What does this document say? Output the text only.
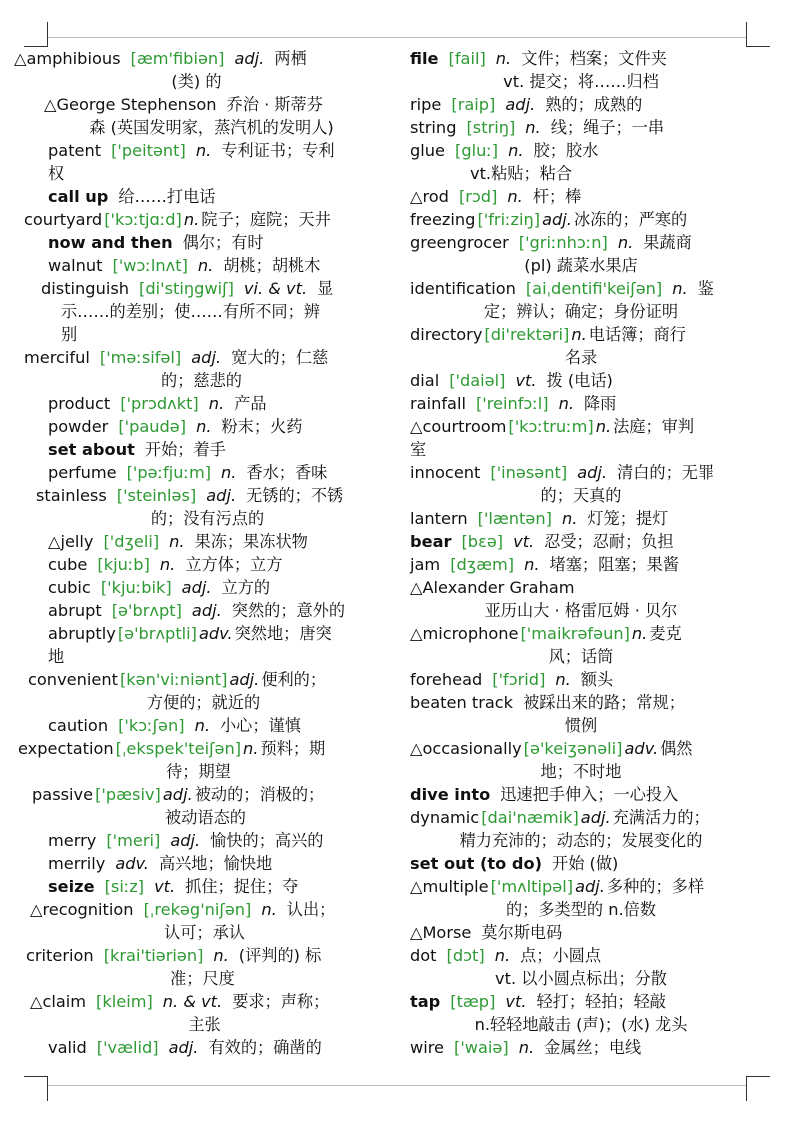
△amphibious [æm'fibiən] adj. 两栖
(类) 的
△George Stephenson 乔治 · 斯蒂芬
森 (英国发明家，蒸汽机的发明人)
patent ['peitənt] n. 专利证书；专利
权
call up 给……打电话
courtyard ['kɔːtjɑːd] n. 院子；庭院；天井
now and then 偶尔；有时
walnut ['wɔːlnʌt] n. 胡桃；胡桃木
distinguish [di'stiŋgwiʃ] vi. & vt. 显
示……的差别；使……有所不同；辨
别
merciful ['məːsifəl] adj. 宽大的；仁慈
的；慈悲的
product ['prɔdʌkt] n. 产品
powder ['paudə] n. 粉末；火药
set about 开始；着手
perfume ['pəːfjuːm] n. 香水；香味
stainless ['steinləs] adj. 无锈的；不锈
的；没有污点的
△jelly ['dʒeli] n. 果冻；果冻状物
cube [kjuːb] n. 立方体；立方
cubic ['kjuːbik] adj. 立方的
abrupt [ə'brʌpt] adj. 突然的；意外的
abruptly [ə'brʌptli] adv. 突然地；唐突
地
convenient [kən'viːniənt] adj. 便利的；
方便的；就近的
caution ['kɔːʃən] n. 小心；谨慎
expectation [ˌekspek'teiʃən] n. 预料；期
待；期望
passive ['pæsiv] adj. 被动的；消极的；
被动语态的
merry ['meri] adj. 愉快的；高兴的
merrily adv. 高兴地；愉快地
seize [siːz] vt. 抓住；捉住；夺
△recognition [ˌrekəg'niʃən] n. 认出；
认可；承认
criterion [krai'tiəriən] n. (评判的) 标
准；尺度
△claim [kleim] n. & vt. 要求；声称；
主张
valid ['vælid] adj. 有效的；确凿的
file [fail] n. 文件；档案；文件夹
vt. 提交；将……归档
ripe [raip] adj. 熟的；成熟的
string [striŋ] n. 线；绳子；一串
glue [gluː] n. 胶；胶水
vt.粘贴；粘合
△rod [rɔd] n. 杆；棒
freezing ['friːziŋ] adj. 冰冻的；严寒的
greengrocer ['griːnhɔːn] n. 果蔬商
(pl) 蔬菜水果店
identification [aiˌdentifi'keiʃən] n. 鉴
定；辨认；确定；身份证明
directory [di'rektəri] n. 电话簿；商行
名录
dial ['daiəl] vt. 拨 (电话)
rainfall ['reinfɔːl] n. 降雨
△courtroom ['kɔːtruːm] n. 法庭；审判
室
innocent ['inəsənt] adj. 清白的；无罪
的；天真的
lantern ['læntən] n. 灯笼；提灯
bear [bɛə] vt. 忍受；忍耐；负担
jam [dʒæm] n. 堵塞；阻塞；果酱
△Alexander Graham
亚历山大 · 格雷厄姆 · 贝尔
△microphone ['maikrəfəun] n. 麦克
风；话筒
forehead ['fɔrid] n. 额头
beaten track 被踩出来的路；常规；
惯例
△occasionally [ə'keiʒənəli] adv. 偶然
地；不时地
dive into 迅速把手伸入；一心投入
dynamic [dai'næmik] adj. 充满活力的；
精力充沛的；动态的；发展变化的
set out (to do) 开始 (做)
△multiple ['mʌltipəl] adj. 多种的；多样
的；多类型的 n.倍数
△Morse 莫尔斯电码
dot [dɔt] n. 点；小圆点
vt. 以小圆点标出；分散
tap [tæp] vt. 轻打；轻拍；轻敲
n.轻轻地敲击 (声)；(水) 龙头
wire ['waiə] n. 金属丝；电线
